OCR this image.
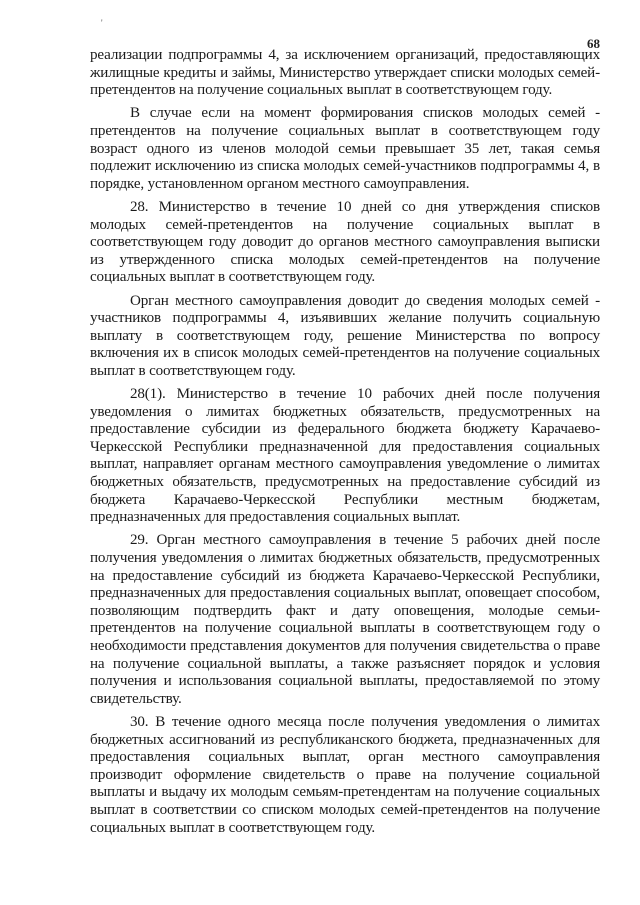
'
68

реализации подпрограммы 4, за исключением организаций, предоставляющих жилищные кредиты и займы, Министерство утверждает списки молодых семей-претендентов на получение социальных выплат в соответствующем году.

В случае если на момент формирования списков молодых семей - претендентов на получение социальных выплат в соответствующем году возраст одного из членов молодой семьи превышает 35 лет, такая семья подлежит исключению из списка молодых семей-участников подпрограммы 4, в порядке, установленном органом местного самоуправления.

28. Министерство в течение 10 дней со дня утверждения списков молодых семей-претендентов на получение социальных выплат в соответствующем году доводит до органов местного самоуправления выписки из утвержденного списка молодых семей-претендентов на получение социальных выплат в соответствующем году.

Орган местного самоуправления доводит до сведения молодых семей - участников подпрограммы 4, изъявивших желание получить социальную выплату в соответствующем году, решение Министерства по вопросу включения их в список молодых семей-претендентов на получение социальных выплат в соответствующем году.

28(1). Министерство в течение 10 рабочих дней после получения уведомления о лимитах бюджетных обязательств, предусмотренных на предоставление субсидии из федерального бюджета бюджету Карачаево-Черкесской Республики предназначенной для предоставления социальных выплат, направляет органам местного самоуправления уведомление о лимитах бюджетных обязательств, предусмотренных на предоставление субсидий из бюджета Карачаево-Черкесской Республики местным бюджетам, предназначенных для предоставления социальных выплат.

29. Орган местного самоуправления в течение 5 рабочих дней после получения уведомления о лимитах бюджетных обязательств, предусмотренных на предоставление субсидий из бюджета Карачаево-Черкесской Республики, предназначенных для предоставления социальных выплат, оповещает способом, позволяющим подтвердить факт и дату оповещения, молодые семьи-претендентов на получение социальной выплаты в соответствующем году о необходимости представления документов для получения свидетельства о праве на получение социальной выплаты, а также разъясняет порядок и условия получения и использования социальной выплаты, предоставляемой по этому свидетельству.

30. В течение одного месяца после получения уведомления о лимитах бюджетных ассигнований из республиканского бюджета, предназначенных для предоставления социальных выплат, орган местного самоуправления производит оформление свидетельств о праве на получение социальной выплаты и выдачу их молодым семьям-претендентам на получение социальных выплат в соответствии со списком молодых семей-претендентов на получение социальных выплат в соответствующем году.
